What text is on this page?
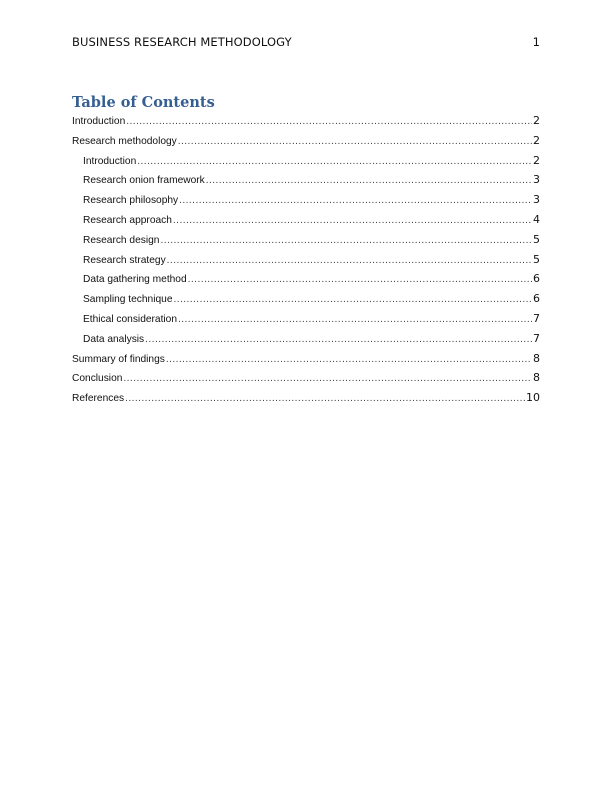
BUSINESS RESEARCH METHODOLOGY	1
Table of Contents
Introduction .....	2
Research methodology .....	2
Introduction .....	2
Research onion framework .....	3
Research philosophy .....	3
Research approach .....	4
Research design .....	5
Research strategy .....	5
Data gathering method .....	6
Sampling technique .....	6
Ethical consideration .....	7
Data analysis .....	7
Summary of findings .....	8
Conclusion .....	8
References .....	10
